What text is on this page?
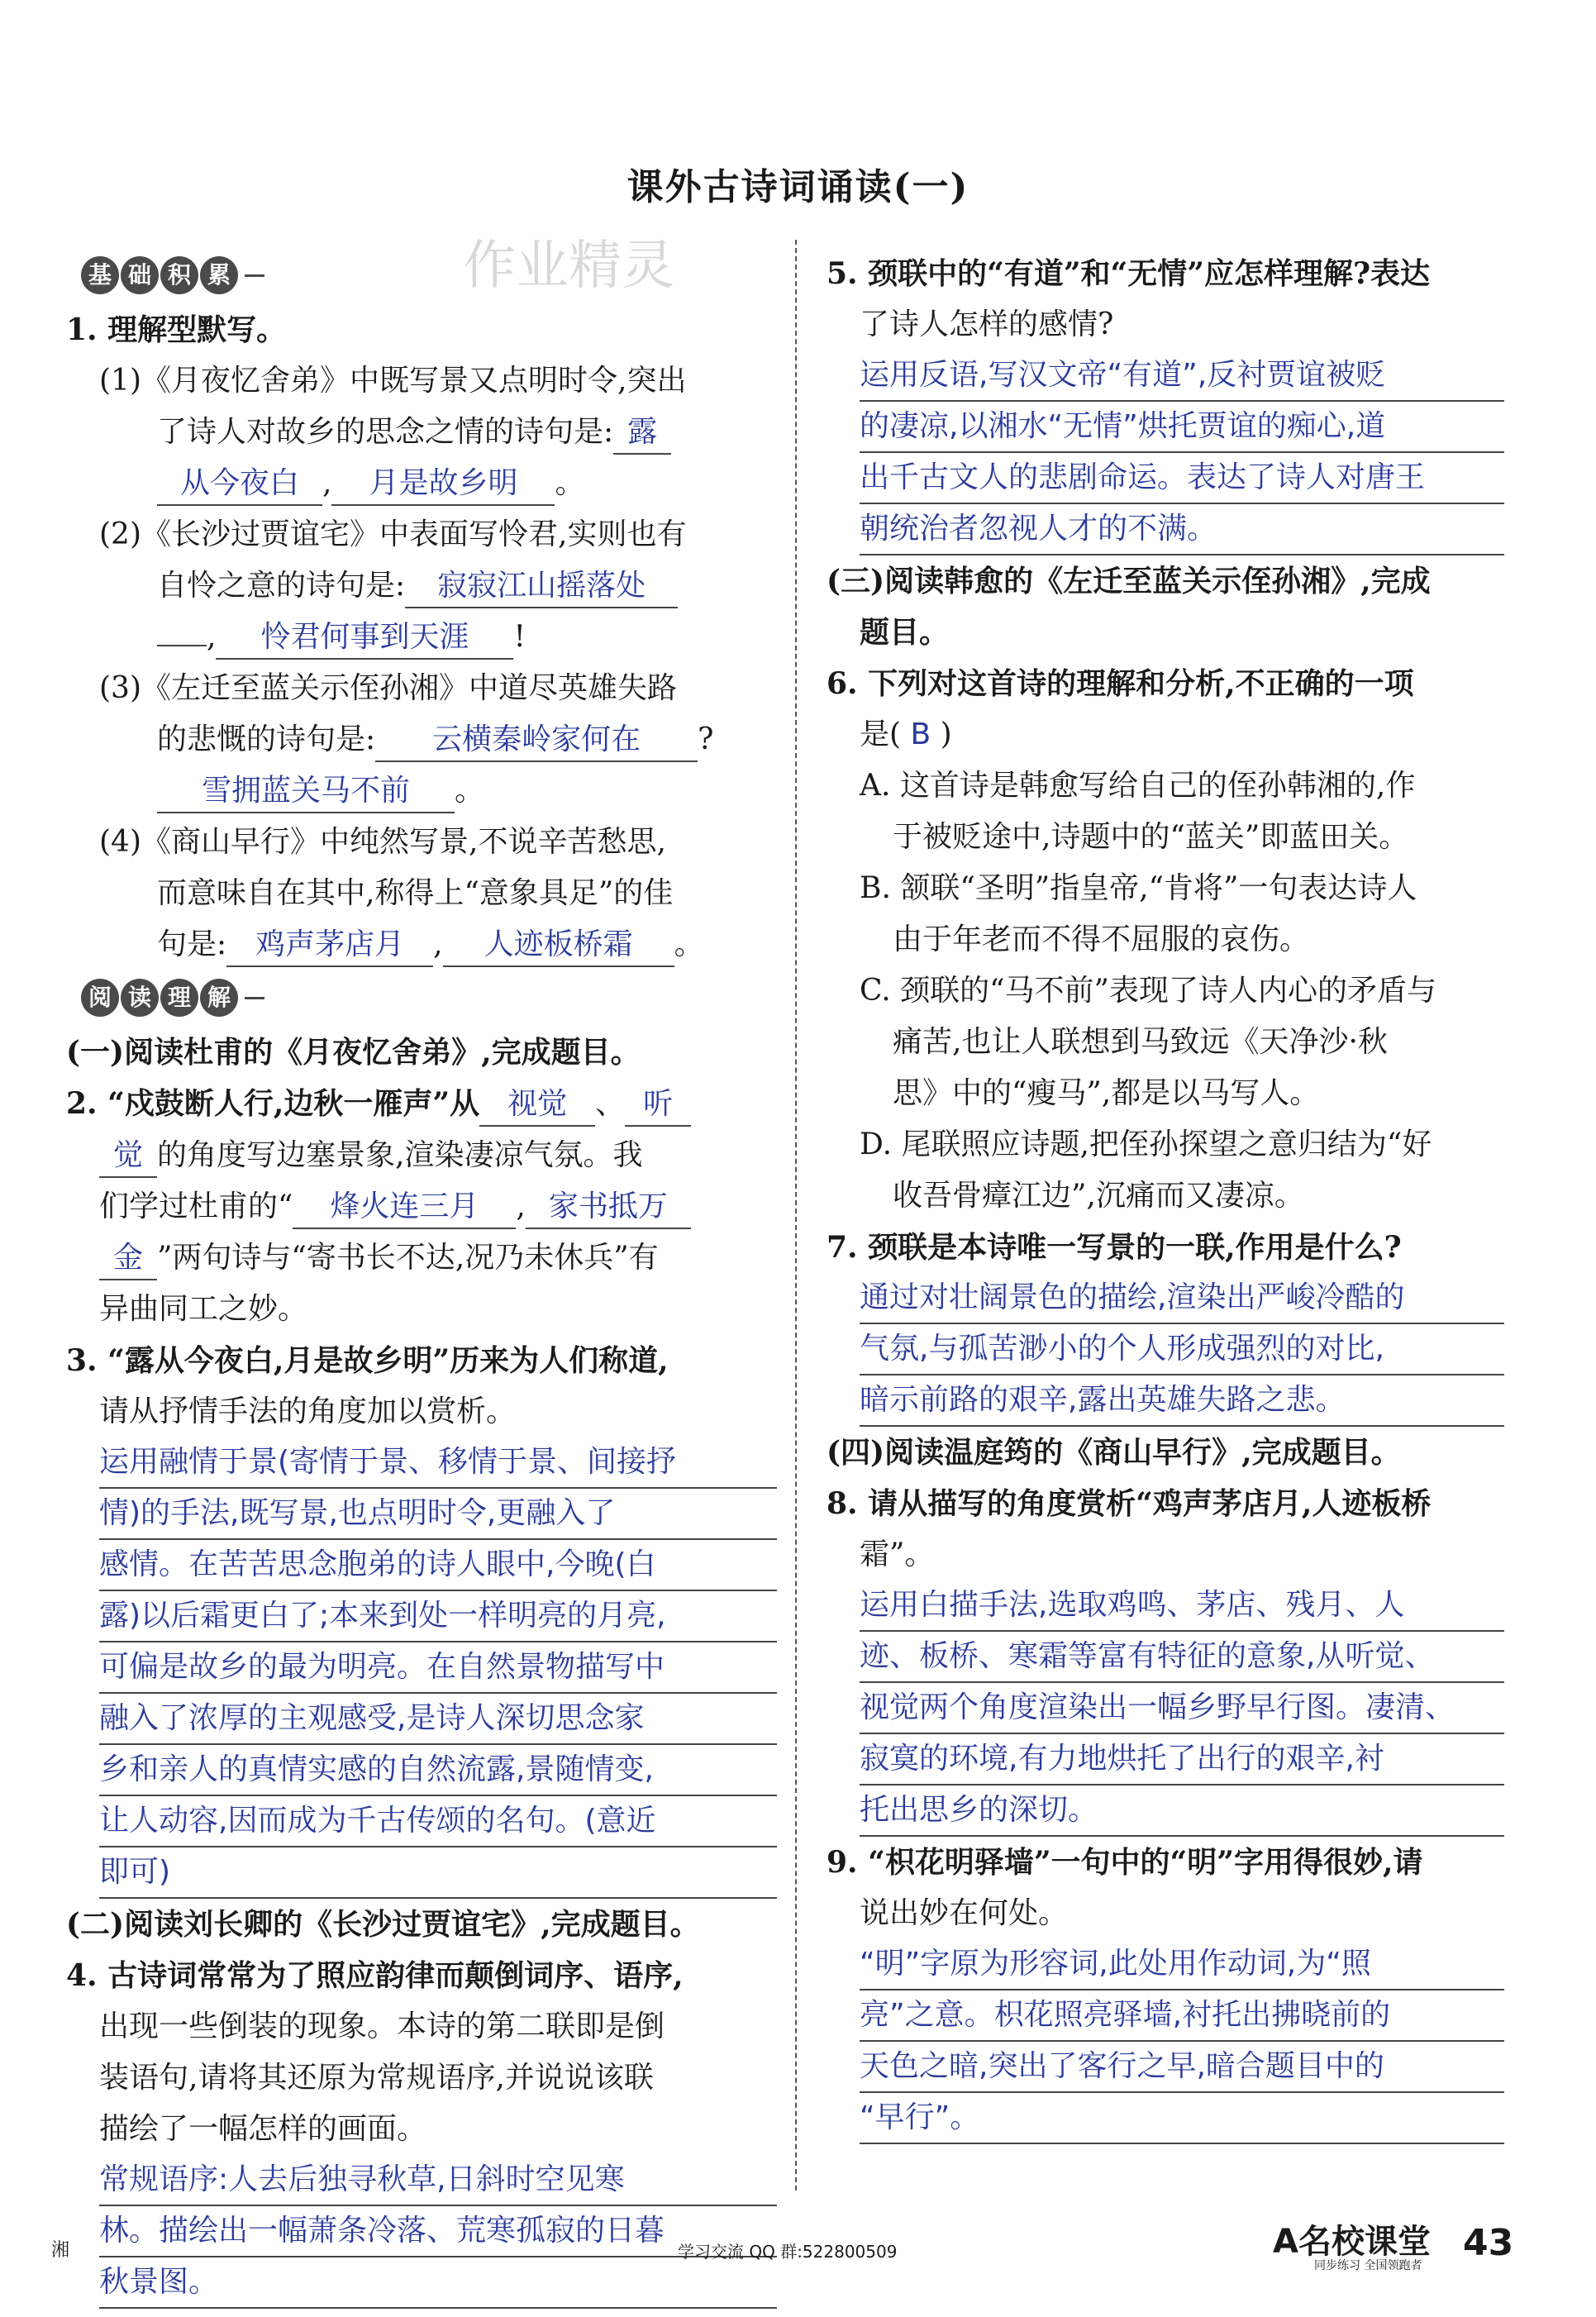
作业精灵
课外古诗词诵读(一)
基 础 积 累
1. 理解型默写。
(1)《月夜忆舍弟》中既写景又点明时令,突出
了诗人对故乡的思念之情的诗句是: 露
从今夜白 , 月是故乡明 。
(2)《长沙过贾谊宅》中表面写怜君,实则也有
自怜之意的诗句是: 寂寂江山摇落处
, 怜君何事到天涯 !
(3)《左迁至蓝关示侄孙湘》中道尽英雄失路
的悲慨的诗句是: 云横秦岭家何在 ?
雪拥蓝关马不前 。
(4)《商山早行》中纯然写景,不说辛苦愁思,
而意味自在其中,称得上“意象具足”的佳
句是: 鸡声茅店月 , 人迹板桥霜 。
阅 读 理 解
(一)阅读杜甫的《月夜忆舍弟》,完成题目。
2. “戍鼓断人行,边秋一雁声”从 视觉 、 听
觉 的角度写边塞景象,渲染凄凉气氛。我
们学过杜甫的“ 烽火连三月 , 家书抵万
金 ”两句诗与“寄书长不达,况乃未休兵”有
异曲同工之妙。
3. “露从今夜白,月是故乡明”历来为人们称道,
请从抒情手法的角度加以赏析。
运用融情于景(寄情于景、移情于景、间接抒
情)的手法,既写景,也点明时令,更融入了
感情。在苦苦思念胞弟的诗人眼中,今晚(白
露)以后霜更白了;本来到处一样明亮的月亮,
可偏是故乡的最为明亮。在自然景物描写中
融入了浓厚的主观感受,是诗人深切思念家
乡和亲人的真情实感的自然流露,景随情变,
让人动容,因而成为千古传颂的名句。(意近
即可)
(二)阅读刘长卿的《长沙过贾谊宅》,完成题目。
4. 古诗词常常为了照应韵律而颠倒词序、语序,
出现一些倒装的现象。本诗的第二联即是倒
装语句,请将其还原为常规语序,并说说该联
描绘了一幅怎样的画面。
常规语序:人去后独寻秋草,日斜时空见寒
林。描绘出一幅萧条冷落、荒寒孤寂的日暮
秋景图。
5. 颈联中的“有道”和“无情”应怎样理解?表达
了诗人怎样的感情?
运用反语,写汉文帝“有道”,反衬贾谊被贬
的凄凉,以湘水“无情”烘托贾谊的痴心,道
出千古文人的悲剧命运。表达了诗人对唐王
朝统治者忽视人才的不满。
(三)阅读韩愈的《左迁至蓝关示侄孙湘》,完成
题目。
6. 下列对这首诗的理解和分析,不正确的一项
是( B )
A. 这首诗是韩愈写给自己的侄孙韩湘的,作
于被贬途中,诗题中的“蓝关”即蓝田关。
B. 颔联“圣明”指皇帝,“肯将”一句表达诗人
由于年老而不得不屈服的哀伤。
C. 颈联的“马不前”表现了诗人内心的矛盾与
痛苦,也让人联想到马致远《天净沙·秋
思》中的“瘦马”,都是以马写人。
D. 尾联照应诗题,把侄孙探望之意归结为“好
收吾骨瘴江边”,沉痛而又凄凉。
7. 颈联是本诗唯一写景的一联,作用是什么?
通过对壮阔景色的描绘,渲染出严峻冷酷的
气氛,与孤苦渺小的个人形成强烈的对比,
暗示前路的艰辛,露出英雄失路之悲。
(四)阅读温庭筠的《商山早行》,完成题目。
8. 请从描写的角度赏析“鸡声茅店月,人迹板桥
霜”。
运用白描手法,选取鸡鸣、茅店、残月、人
迹、板桥、寒霜等富有特征的意象,从听觉、
视觉两个角度渲染出一幅乡野早行图。凄清、
寂寞的环境,有力地烘托了出行的艰辛,衬
托出思乡的深切。
9. “枳花明驿墙”一句中的“明”字用得很妙,请
说出妙在何处。
“明”字原为形容词,此处用作动词,为“照
亮”之意。枳花照亮驿墙,衬托出拂晓前的
天色之暗,突出了客行之早,暗合题目中的
“早行”。
湘	学习交流 QQ 群:522800509	A名校课堂
同步练习 全国领跑者
43
